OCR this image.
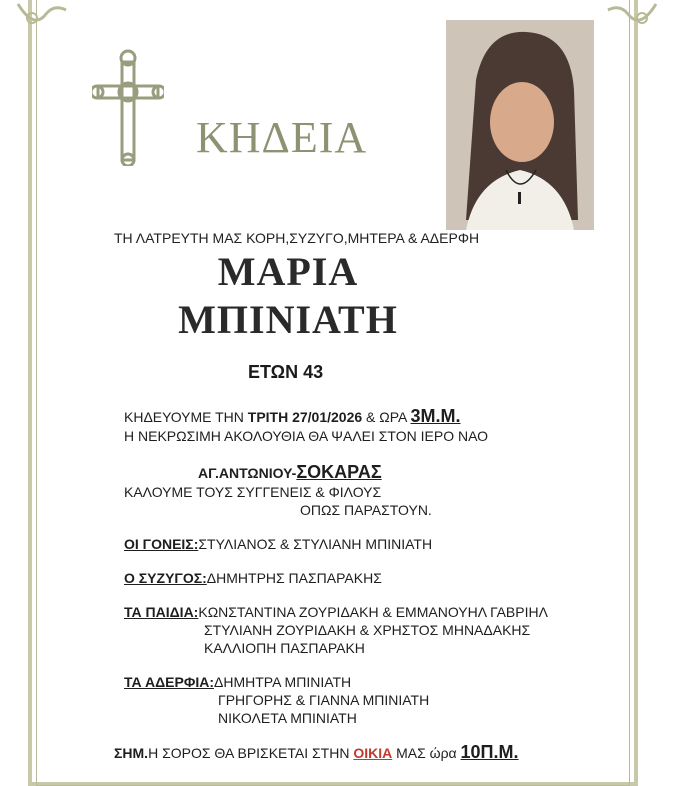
ΚΗΔΕΙΑ
ΤΗ ΛΑΤΡΕΥΤΗ ΜΑΣ ΚΟΡΗ,ΣΥΖΥΓΟ,ΜΗΤΕΡΑ & ΑΔΕΡΦΗ
ΜΑΡΙΑ
ΜΠΙΝΙΑΤΗ
ΕΤΩΝ 43
ΚΗΔΕΥΟΥΜΕ ΤΗΝ ΤΡΙΤΗ 27/01/2026 & ΩΡΑ 3Μ.Μ.
Η ΝΕΚΡΩΣΙΜΗ ΑΚΟΛΟΥΘΙΑ ΘΑ ΨΑΛΕΙ ΣΤΟΝ ΙΕΡΟ ΝΑΟ
ΑΓ.ΑΝΤΩΝΙΟΥ-ΣΟΚΑΡΑΣ
ΚΑΛΟΥΜΕ ΤΟΥΣ ΣΥΓΓΕΝΕΙΣ & ΦΙΛΟΥΣ
ΟΠΩΣ ΠΑΡΑΣΤΟΥΝ.
ΟΙ ΓΟΝΕΙΣ:ΣΤΥΛΙΑΝΟΣ & ΣΤΥΛΙΑΝΗ ΜΠΙΝΙΑΤΗ
Ο ΣΥΖΥΓΟΣ:ΔΗΜΗΤΡΗΣ ΠΑΣΠΑΡΑΚΗΣ
ΤΑ ΠΑΙΔΙΑ:ΚΩΝΣΤΑΝΤΙΝΑ ΖΟΥΡΙΔΑΚΗ & ΕΜΜΑΝΟΥΗΛ ΓΑΒΡΙΗΛ
ΣΤΥΛΙΑΝΗ ΖΟΥΡΙΔΑΚΗ & ΧΡΗΣΤΟΣ ΜΗΝΑΔΑΚΗΣ
ΚΑΛΛΙΟΠΗ ΠΑΣΠΑΡΑΚΗ
ΤΑ ΑΔΕΡΦΙΑ:ΔΗΜΗΤΡΑ ΜΠΙΝΙΑΤΗ
ΓΡΗΓΟΡΗΣ & ΓΙΑΝΝΑ ΜΠΙΝΙΑΤΗ
ΝΙΚΟΛΕΤΑ ΜΠΙΝΙΑΤΗ
ΣΗΜ.Η ΣΟΡΟΣ ΘΑ ΒΡΙΣΚΕΤΑΙ ΣΤΗΝ ΟΙΚΙΑ ΜΑΣ ώρα 10Π.Μ.
